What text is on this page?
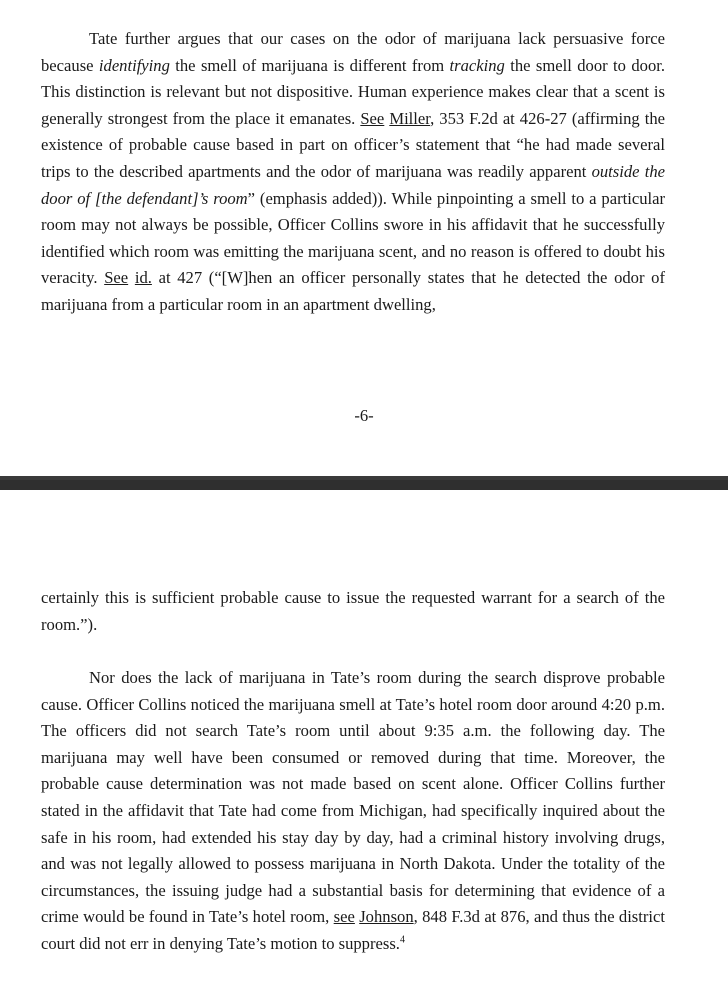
Tate further argues that our cases on the odor of marijuana lack persuasive force because identifying the smell of marijuana is different from tracking the smell door to door. This distinction is relevant but not dispositive. Human experience makes clear that a scent is generally strongest from the place it emanates. See Miller, 353 F.2d at 426-27 (affirming the existence of probable cause based in part on officer’s statement that “he had made several trips to the described apartments and the odor of marijuana was readily apparent outside the door of [the defendant]’s room” (emphasis added)). While pinpointing a smell to a particular room may not always be possible, Officer Collins swore in his affidavit that he successfully identified which room was emitting the marijuana scent, and no reason is offered to doubt his veracity. See id. at 427 (“[W]hen an officer personally states that he detected the odor of marijuana from a particular room in an apartment dwelling,

-6-

certainly this is sufficient probable cause to issue the requested warrant for a search of the room.”).

Nor does the lack of marijuana in Tate’s room during the search disprove probable cause. Officer Collins noticed the marijuana smell at Tate’s hotel room door around 4:20 p.m. The officers did not search Tate’s room until about 9:35 a.m. the following day. The marijuana may well have been consumed or removed during that time. Moreover, the probable cause determination was not made based on scent alone. Officer Collins further stated in the affidavit that Tate had come from Michigan, had specifically inquired about the safe in his room, had extended his stay day by day, had a criminal history involving drugs, and was not legally allowed to possess marijuana in North Dakota. Under the totality of the circumstances, the issuing judge had a substantial basis for determining that evidence of a crime would be found in Tate’s hotel room, see Johnson, 848 F.3d at 876, and thus the district court did not err in denying Tate’s motion to suppress.$^4$
